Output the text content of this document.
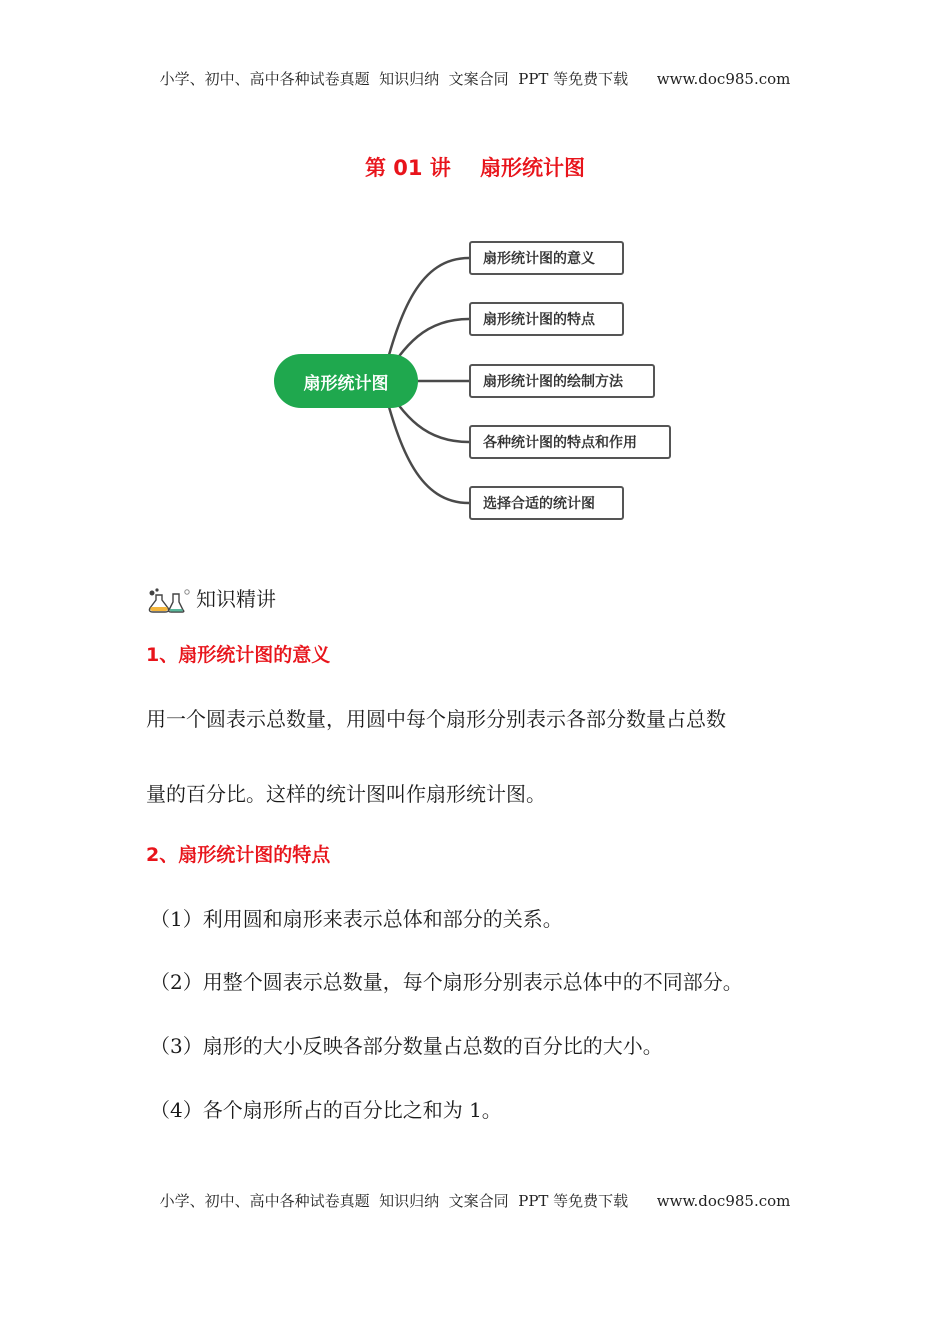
小学、初中、高中各种试卷真题  知识归纳  文案合同  PPT 等免费下载      www.doc985.com
第 01 讲    扇形统计图
扇形统计图
扇形统计图的意义
扇形统计图的特点
扇形统计图的绘制方法
各种统计图的特点和作用
选择合适的统计图
知识精讲
1、扇形统计图的意义
用一个圆表示总数量，用圆中每个扇形分别表示各部分数量占总数
量的百分比。这样的统计图叫作扇形统计图。
2、扇形统计图的特点
（1）利用圆和扇形来表示总体和部分的关系。
（2）用整个圆表示总数量，每个扇形分别表示总体中的不同部分。
（3）扇形的大小反映各部分数量占总数的百分比的大小。
（4）各个扇形所占的百分比之和为 1。
小学、初中、高中各种试卷真题  知识归纳  文案合同  PPT 等免费下载      www.doc985.com
